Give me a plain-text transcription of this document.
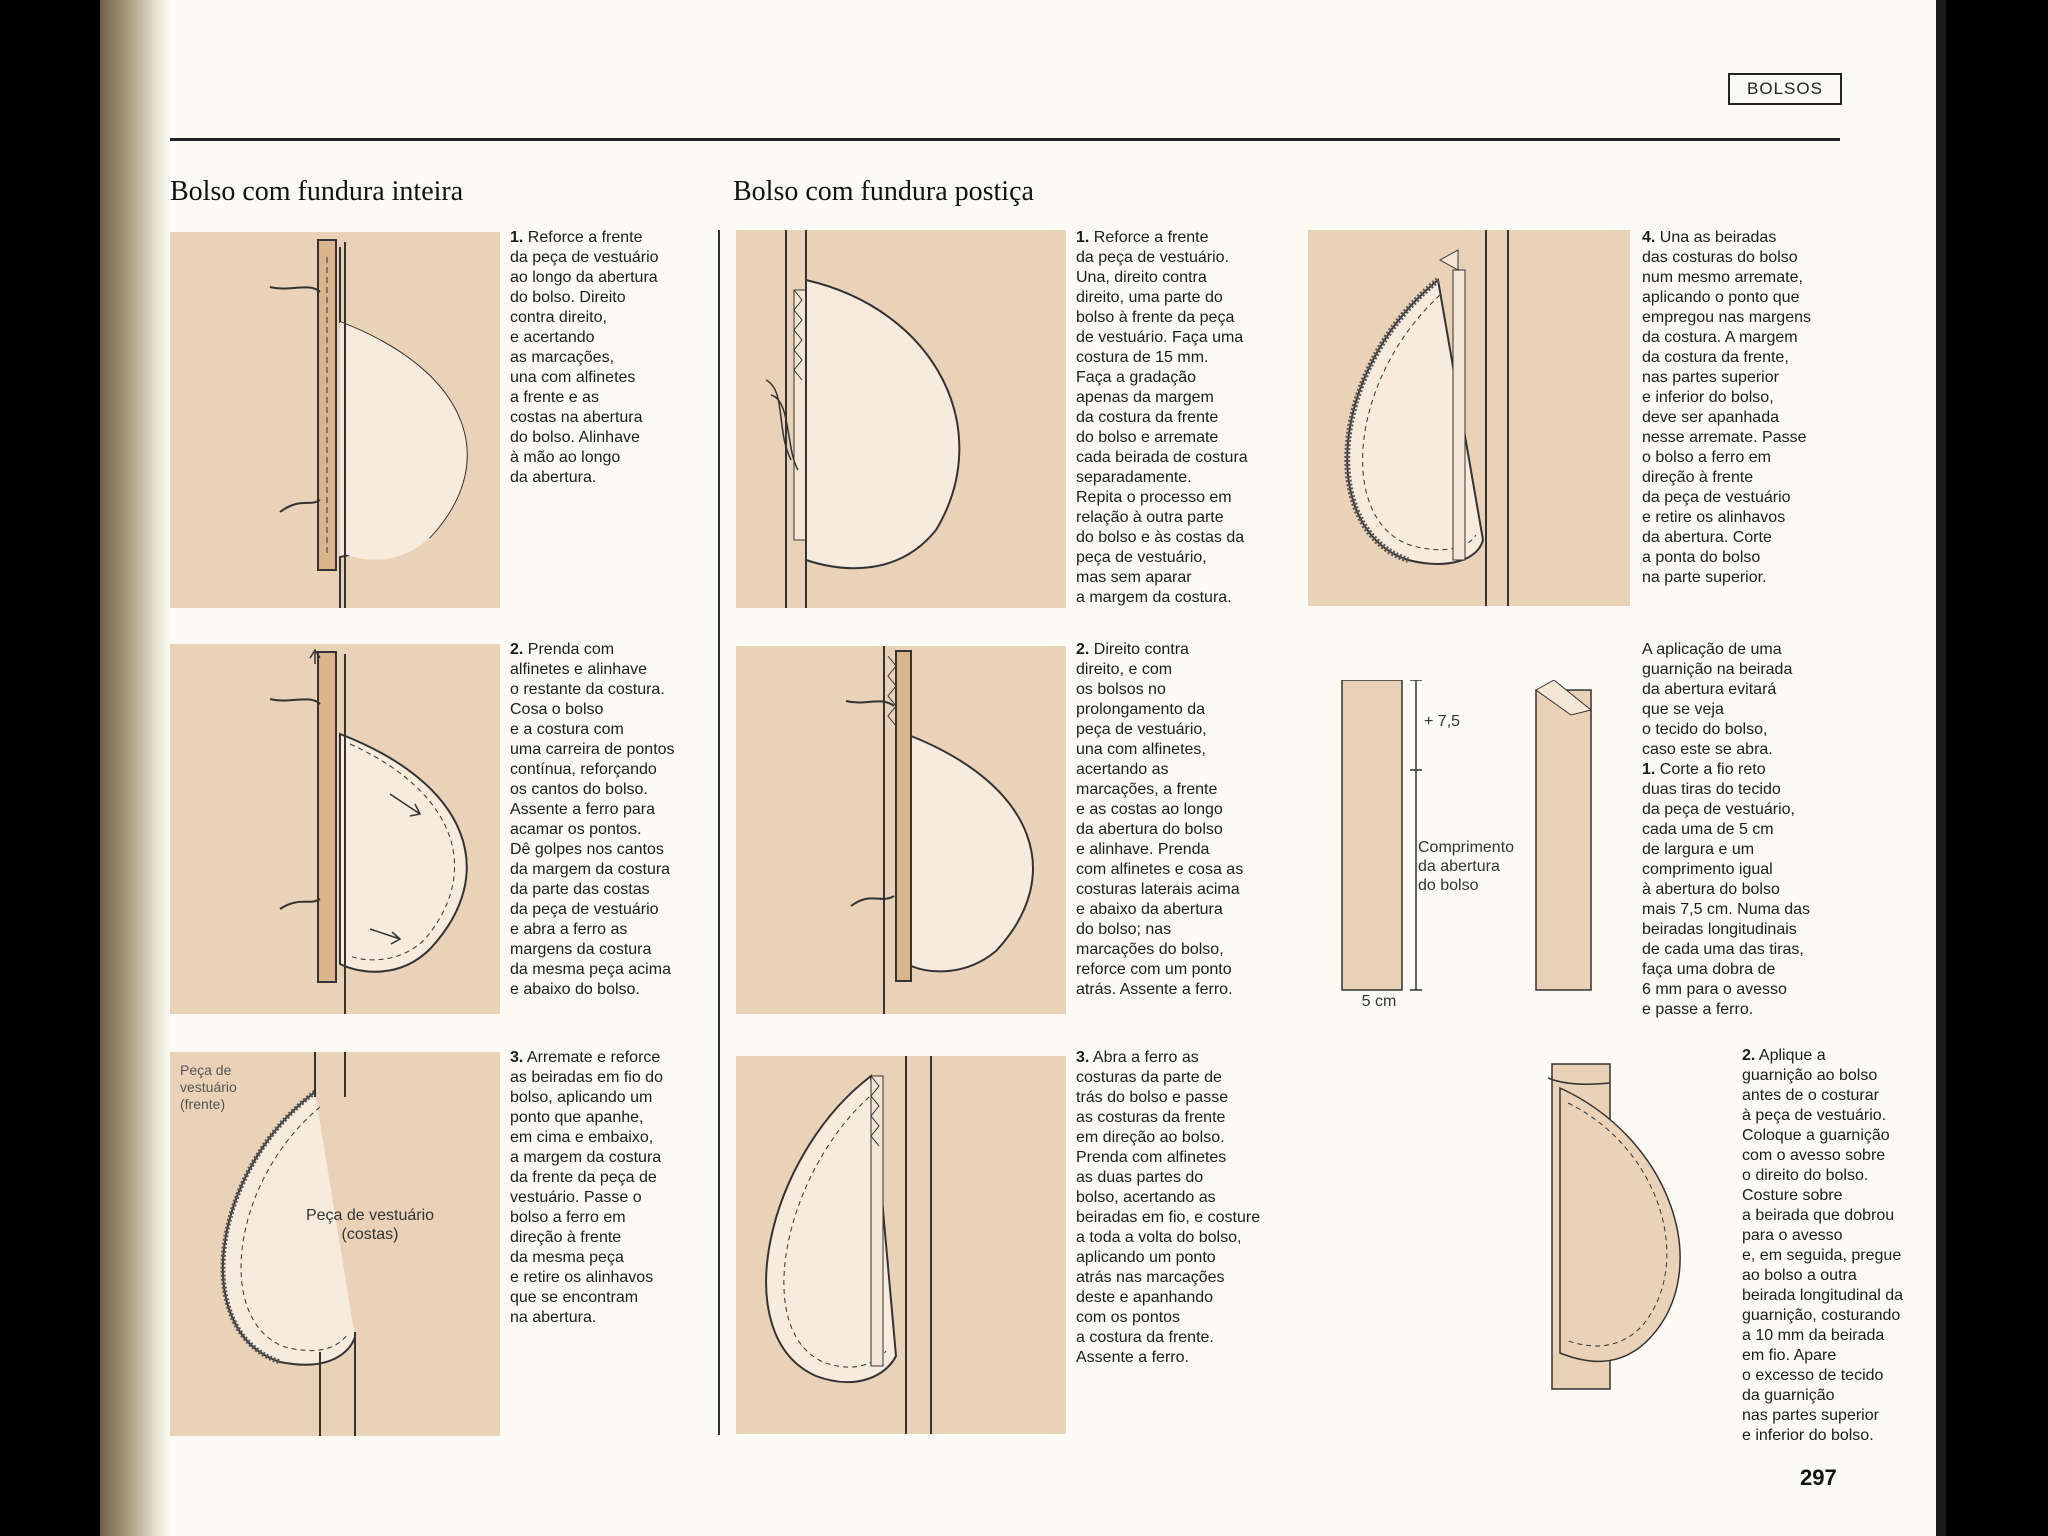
BOLSOS
Bolso com fundura inteira	Bolso com fundura postiça
1. Reforce a frente
da peça de vestuário
ao longo da abertura
do bolso. Direito
contra direito,
e acertando
as marcações,
una com alfinetes
a frente e as
costas na abertura
do bolso. Alinhave
à mão ao longo
da abertura.
2. Prenda com
alfinetes e alinhave
o restante da costura.
Cosa o bolso
e a costura com
uma carreira de pontos
contínua, reforçando
os cantos do bolso.
Assente a ferro para
acamar os pontos.
Dê golpes nos cantos
da margem da costura
da parte das costas
da peça de vestuário
e abra a ferro as
margens da costura
da mesma peça acima
e abaixo do bolso.
Peça de
vestuário
(frente)
Peça de vestuário
(costas)
3. Arremate e reforce
as beiradas em fio do
bolso, aplicando um
ponto que apanhe,
em cima e embaixo,
a margem da costura
da frente da peça de
vestuário. Passe o
bolso a ferro em
direção à frente
da mesma peça
e retire os alinhavos
que se encontram
na abertura.
1. Reforce a frente
da peça de vestuário.
Una, direito contra
direito, uma parte do
bolso à frente da peça
de vestuário. Faça uma
costura de 15 mm.
Faça a gradação
apenas da margem
da costura da frente
do bolso e arremate
cada beirada de costura
separadamente.
Repita o processo em
relação à outra parte
do bolso e às costas da
peça de vestuário,
mas sem aparar
a margem da costura.
2. Direito contra
direito, e com
os bolsos no
prolongamento da
peça de vestuário,
una com alfinetes,
acertando as
marcações, a frente
e as costas ao longo
da abertura do bolso
e alinhave. Prenda
com alfinetes e cosa as
costuras laterais acima
e abaixo da abertura
do bolso; nas
marcações do bolso,
reforce com um ponto
atrás. Assente a ferro.
3. Abra a ferro as
costuras da parte de
trás do bolso e passe
as costuras da frente
em direção ao bolso.
Prenda com alfinetes
as duas partes do
bolso, acertando as
beiradas em fio, e costure
a toda a volta do bolso,
aplicando um ponto
atrás nas marcações
deste e apanhando
com os pontos
a costura da frente.
Assente a ferro.
4. Una as beiradas
das costuras do bolso
num mesmo arremate,
aplicando o ponto que
empregou nas margens
da costura. A margem
da costura da frente,
nas partes superior
e inferior do bolso,
deve ser apanhada
nesse arremate. Passe
o bolso a ferro em
direção à frente
da peça de vestuário
e retire os alinhavos
da abertura. Corte
a ponta do bolso
na parte superior.
+ 7,5
Comprimento
da abertura
do bolso
5 cm
A aplicação de uma
guarnição na beirada
da abertura evitará
que se veja
o tecido do bolso,
caso este se abra.
1. Corte a fio reto
duas tiras do tecido
da peça de vestuário,
cada uma de 5 cm
de largura e um
comprimento igual
à abertura do bolso
mais 7,5 cm. Numa das
beiradas longitudinais
de cada uma das tiras,
faça uma dobra de
6 mm para o avesso
e passe a ferro.
2. Aplique a
guarnição ao bolso
antes de o costurar
à peça de vestuário.
Coloque a guarnição
com o avesso sobre
o direito do bolso.
Costure sobre
a beirada que dobrou
para o avesso
e, em seguida, pregue
ao bolso a outra
beirada longitudinal da
guarnição, costurando
a 10 mm da beirada
em fio. Apare
o excesso de tecido
da guarnição
nas partes superior
e inferior do bolso.
297
